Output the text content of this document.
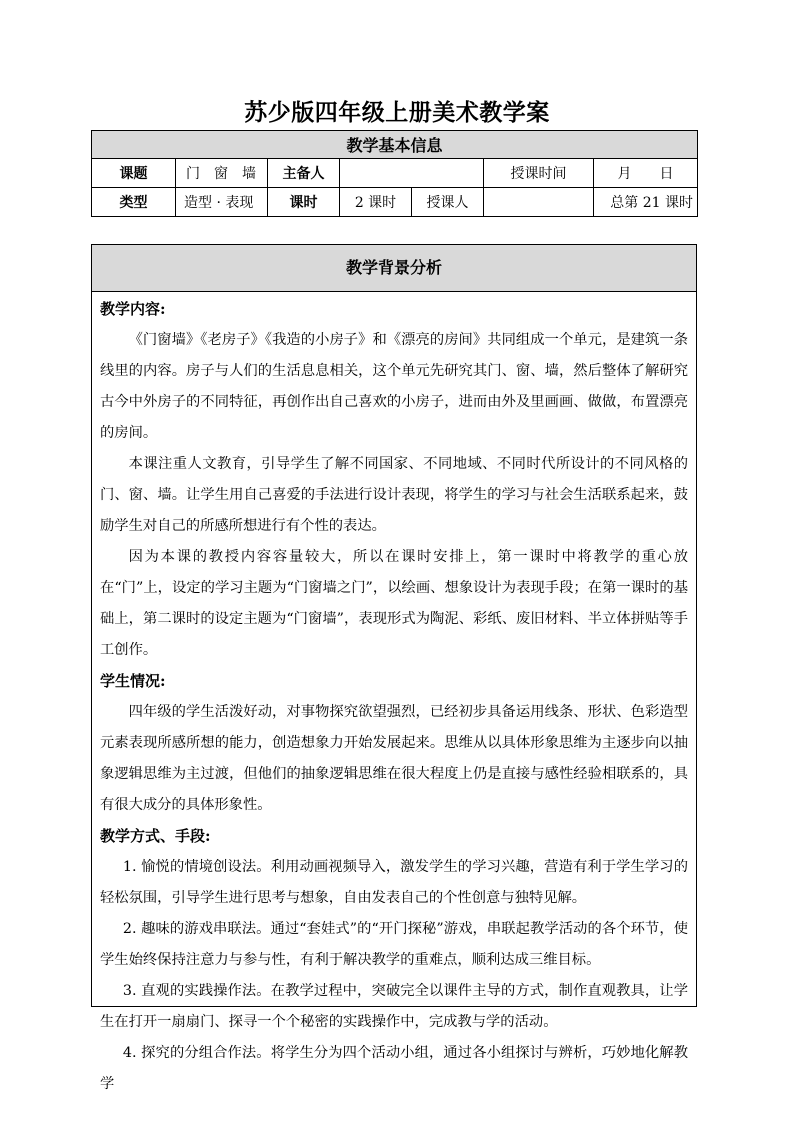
苏少版四年级上册美术教学案
教学基本信息						
课题	门　窗　墙	主备人			授课时间	月　　日
类型	造型 · 表现	课时	2 课时	授课人		总第 21 课时
教学背景分析
教学内容:

《门窗墙》《老房子》《我造的小房子》和《漂亮的房间》共同组成一个单元，是建筑一条线里的内容。房子与人们的生活息息相关，这个单元先研究其门、窗、墙，然后整体了解研究古今中外房子的不同特征，再创作出自己喜欢的小房子，进而由外及里画画、做做，布置漂亮的房间。

本课注重人文教育，引导学生了解不同国家、不同地域、不同时代所设计的不同风格的门、窗、墙。让学生用自己喜爱的手法进行设计表现，将学生的学习与社会生活联系起来，鼓励学生对自己的所感所想进行有个性的表达。

因为本课的教授内容容量较大，所以在课时安排上，第一课时中将教学的重心放在“门”上，设定的学习主题为“门窗墙之门”，以绘画、想象设计为表现手段；在第一课时的基础上，第二课时的设定主题为“门窗墙”，表现形式为陶泥、彩纸、废旧材料、半立体拼贴等手工创作。

学生情况:

四年级的学生活泼好动，对事物探究欲望强烈，已经初步具备运用线条、形状、色彩造型元素表现所感所想的能力，创造想象力开始发展起来。思维从以具体形象思维为主逐步向以抽象逻辑思维为主过渡，但他们的抽象逻辑思维在很大程度上仍是直接与感性经验相联系的，具有很大成分的具体形象性。

教学方式、手段:

1. 愉悦的情境创设法。利用动画视频导入，激发学生的学习兴趣，营造有利于学生学习的轻松氛围，引导学生进行思考与想象，自由发表自己的个性创意与独特见解。

2. 趣味的游戏串联法。通过“套娃式”的“开门探秘”游戏，串联起教学活动的各个环节，使学生始终保持注意力与参与性，有利于解决教学的重难点，顺利达成三维目标。

3. 直观的实践操作法。在教学过程中，突破完全以课件主导的方式，制作直观教具，让学生在打开一扇扇门、探寻一个个秘密的实践操作中，完成教与学的活动。

4. 探究的分组合作法。将学生分为四个活动小组，通过各小组探讨与辨析，巧妙地化解教学
